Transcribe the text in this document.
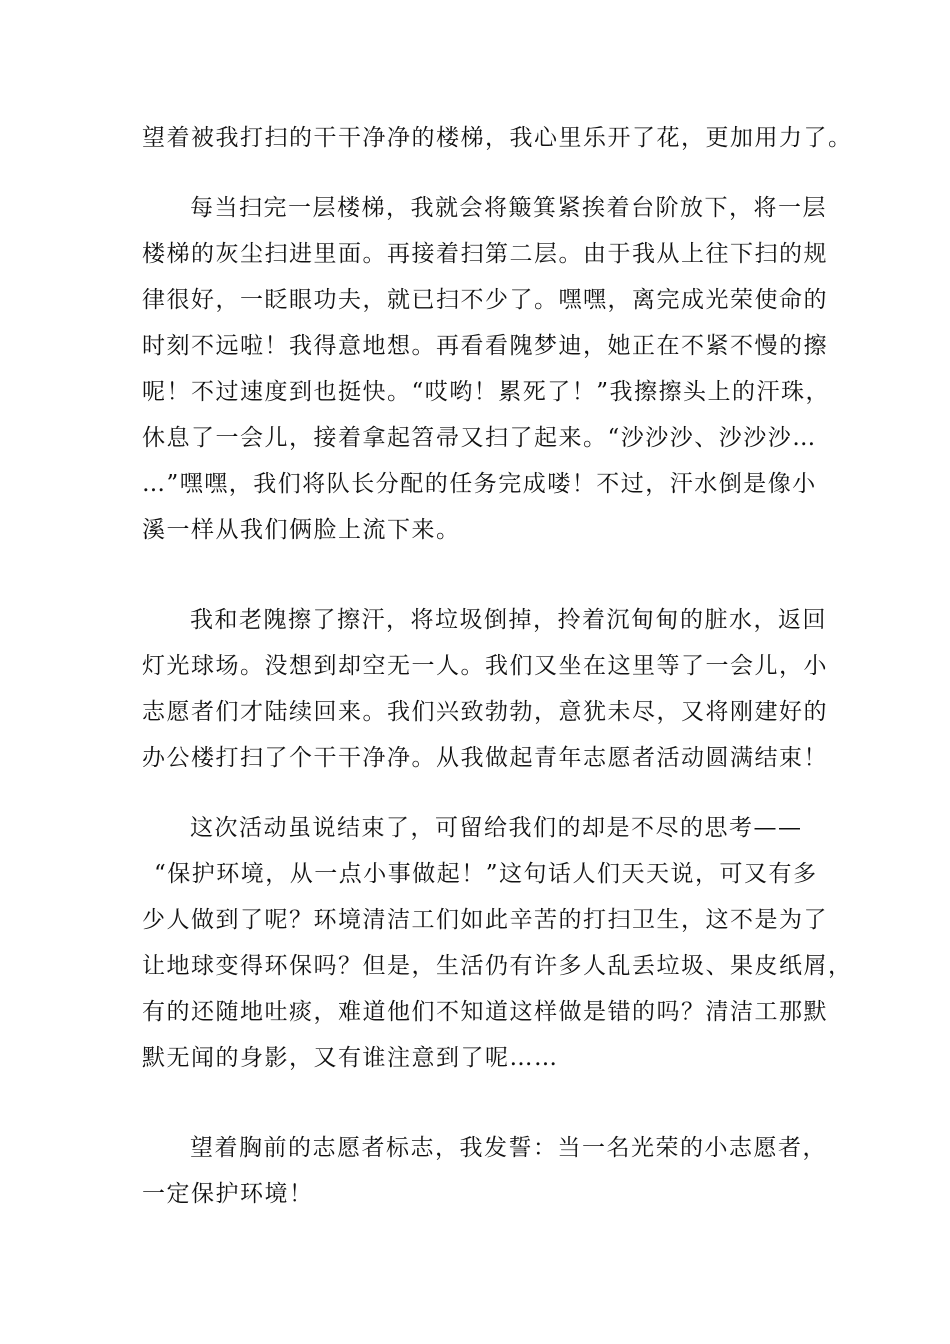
望着被我打扫的干干净净的楼梯，我心里乐开了花，更加用力了。
每当扫完一层楼梯，我就会将簸箕紧挨着台阶放下，将一层
楼梯的灰尘扫进里面。再接着扫第二层。由于我从上往下扫的规
律很好，一眨眼功夫，就已扫不少了。嘿嘿，离完成光荣使命的
时刻不远啦！我得意地想。再看看隗梦迪，她正在不紧不慢的擦
呢！不过速度到也挺快。“哎哟！累死了！”我擦擦头上的汗珠，
休息了一会儿，接着拿起笤帚又扫了起来。“沙沙沙、沙沙沙…
…”嘿嘿，我们将队长分配的任务完成喽！不过，汗水倒是像小
溪一样从我们俩脸上流下来。
我和老隗擦了擦汗，将垃圾倒掉，拎着沉甸甸的脏水，返回
灯光球场。没想到却空无一人。我们又坐在这里等了一会儿，小
志愿者们才陆续回来。我们兴致勃勃，意犹未尽，又将刚建好的
办公楼打扫了个干干净净。从我做起青年志愿者活动圆满结束！
这次活动虽说结束了，可留给我们的却是不尽的思考——
“保护环境，从一点小事做起！”这句话人们天天说，可又有多
少人做到了呢？环境清洁工们如此辛苦的打扫卫生，这不是为了
让地球变得环保吗？但是，生活仍有许多人乱丢垃圾、果皮纸屑，
有的还随地吐痰，难道他们不知道这样做是错的吗？清洁工那默
默无闻的身影，又有谁注意到了呢……
望着胸前的志愿者标志，我发誓：当一名光荣的小志愿者，
一定保护环境！
